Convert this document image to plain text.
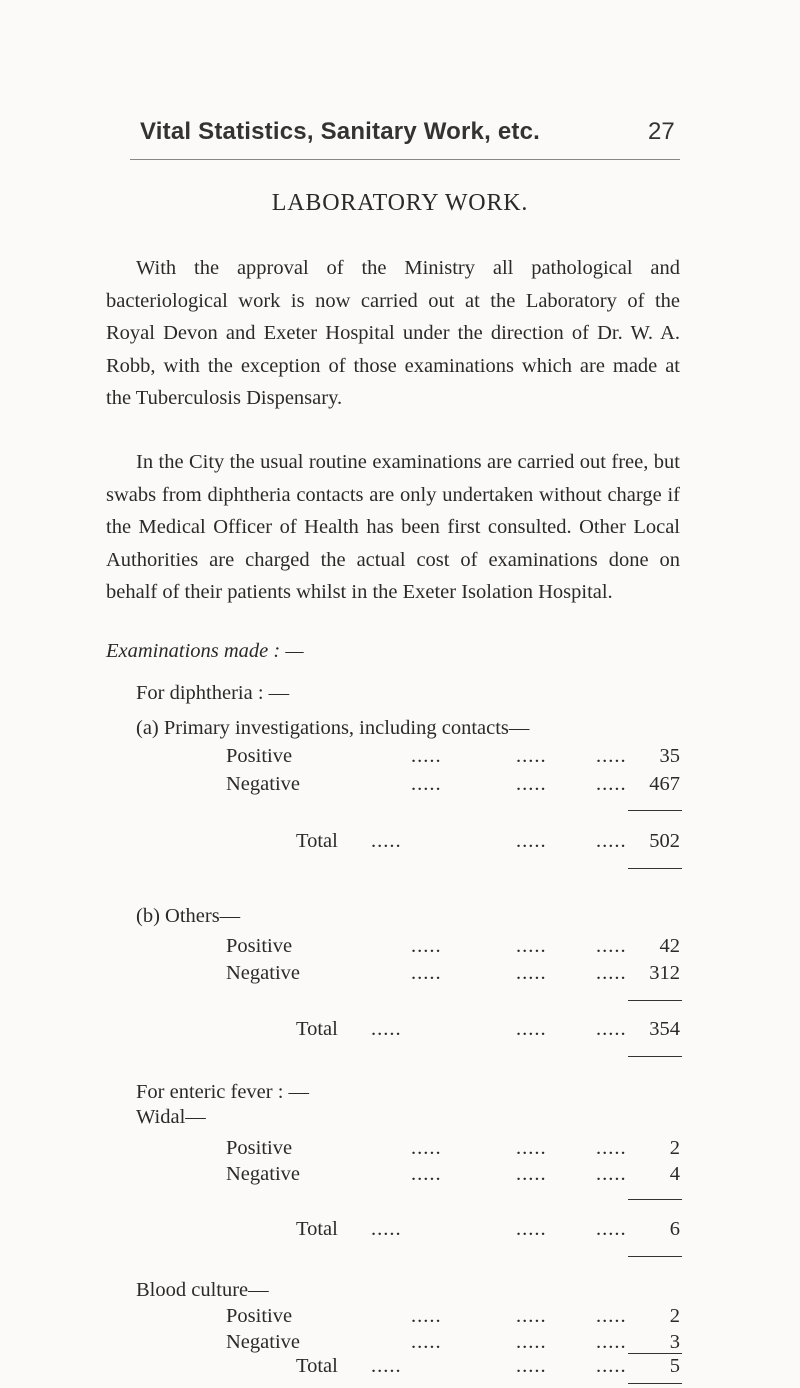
Vital Statistics, Sanitary Work, etc.	27
LABORATORY WORK.

With the approval of the Ministry all pathological and bacteriological work is now carried out at the Laboratory of the Royal Devon and Exeter Hospital under the direction of Dr. W. A. Robb, with the exception of those examinations which are made at the Tuberculosis Dispensary.

In the City the usual routine examinations are carried out free, but swabs from diphtheria contacts are only undertaken without charge if the Medical Officer of Health has been first consulted. Other Local Authorities are charged the actual cost of examinations done on behalf of their patients whilst in the Exeter Isolation Hospital.

Examinations made : —
For diphtheria : —
(a) Primary investigations, including contacts—
Positive	.....	..... .....	35
Negative	.....	..... .....	467
Total .....	..... .....	502
(b) Others—
Positive	.....	..... .....	42
Negative	.....	..... .....	312
Total .....	..... .....	354
For enteric fever : —
Widal—
Positive	.....	..... .....	2
Negative	.....	..... .....	4
Total .....	..... .....	6
Blood culture—
Positive	.....	..... .....	2
Negative	.....	..... .....	3
Total .....	..... .....	5
